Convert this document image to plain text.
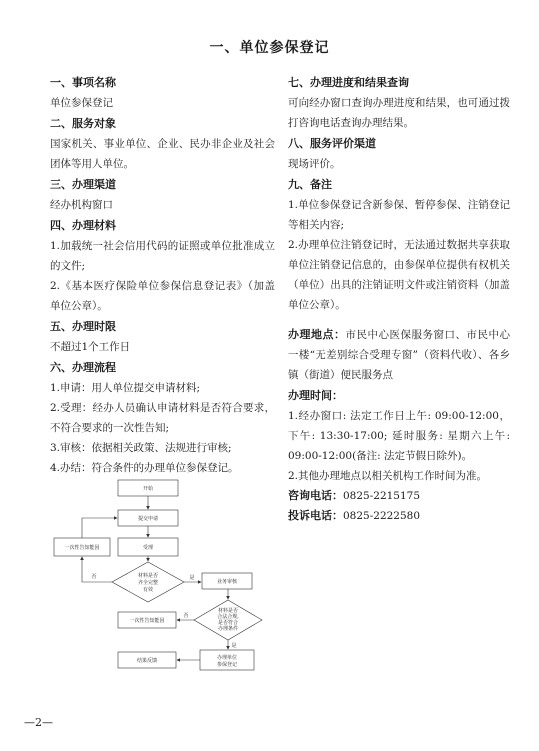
一、单位参保登记
一、事项名称
单位参保登记
二、服务对象
国家机关、事业单位、企业、民办非企业及社会团体等用人单位。
三、办理渠道
经办机构窗口
四、办理材料
1.加载统一社会信用代码的证照或单位批准成立的文件;
2.《基本医疗保险单位参保信息登记表》（加盖单位公章）。
五、办理时限
不超过1个工作日
六、办理流程
1.申请：用人单位提交申请材料;
2.受理：经办人员确认申请材料是否符合要求，不符合要求的一次性告知;
3.审核：依据相关政策、法规进行审核;
4.办结：符合条件的办理单位参保登记。
七、办理进度和结果查询
可向经办窗口查询办理进度和结果，也可通过拨打咨询电话查询办理结果。
八、服务评价渠道
现场评价。
九、备注
1.单位参保登记含新参保、暂停参保、注销登记等相关内容;
2.办理单位注销登记时，无法通过数据共享获取单位注销登记信息的，由参保单位提供有权机关（单位）出具的注销证明文件或注销资料（加盖单位公章）。
办理地点：市民中心医保服务窗口、市民中心一楼“无差别综合受理专窗”（资料代收）、各乡镇（街道）便民服务点
办理时间：
1.经办窗口: 法定工作日上午: 09:00-12:00，下午: 13:30-17:00; 延时服务: 星期六上午: 09:00-12:00(备注: 法定节假日除外)。
2.其他办理地点以相关机构工作时间为准。
咨询电话：0825-2215175
投诉电话：0825-2222580
开始
提交申请
受理
一次性告知能因
材料是否
齐全完整
有效
业务审核
材料是否
合法合规,
是否符合
办理条件
一次性告知能因
办理单位
参保登记
结果反馈
否	是
否
是
—2—
